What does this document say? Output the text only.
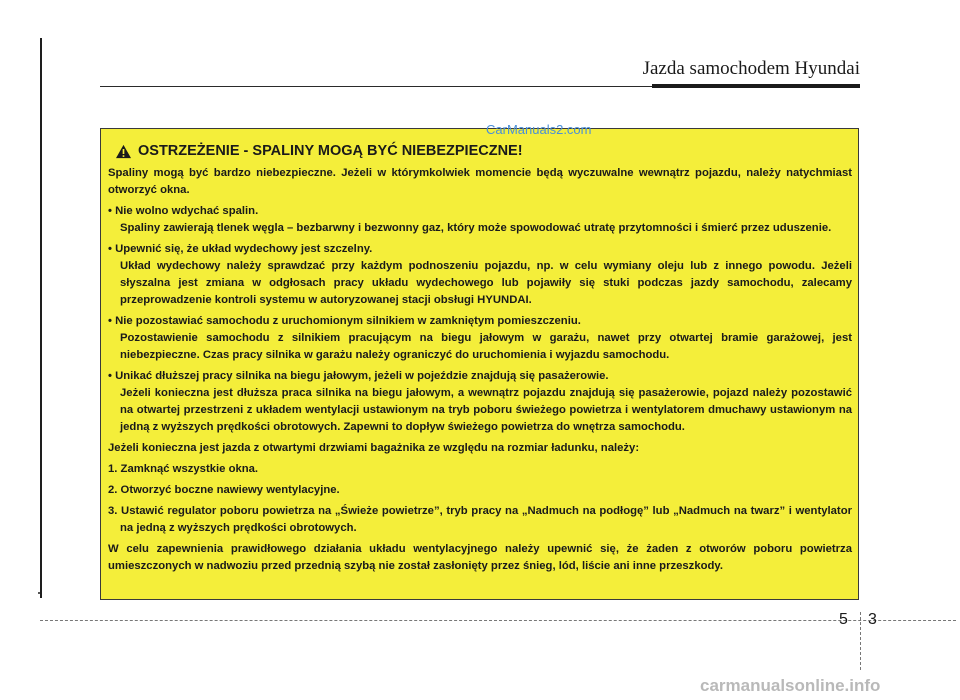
Jazda samochodem Hyundai
OSTRZEŻENIE - SPALINY MOGĄ BYĆ NIEBEZPIECZNE!
Spaliny mogą być bardzo niebezpieczne. Jeżeli w którymkolwiek momencie będą wyczuwalne wewnątrz pojazdu, należy natychmiast otworzyć okna.
• Nie wolno wdychać spalin.
Spaliny zawierają tlenek węgla – bezbarwny i bezwonny gaz, który może spowodować utratę przytomności i śmierć przez uduszenie.
• Upewnić się, że układ wydechowy jest szczelny.
Układ wydechowy należy sprawdzać przy każdym podnoszeniu pojazdu, np. w celu wymiany oleju lub z innego powodu. Jeżeli słyszalna jest zmiana w odgłosach pracy układu wydechowego lub pojawiły się stuki podczas jazdy samochodu, zalecamy przeprowadzenie kontroli systemu w autoryzowanej stacji obsługi HYUNDAI.
• Nie pozostawiać samochodu z uruchomionym silnikiem w zamkniętym pomieszczeniu.
Pozostawienie samochodu z silnikiem pracującym na biegu jałowym w garażu, nawet przy otwartej bramie garażowej, jest niebezpieczne. Czas pracy silnika w garażu należy ograniczyć do uruchomienia i wyjazdu samochodu.
• Unikać dłuższej pracy silnika na biegu jałowym, jeżeli w pojeździe znajdują się pasażerowie.
Jeżeli konieczna jest dłuższa praca silnika na biegu jałowym, a wewnątrz pojazdu znajdują się pasażerowie, pojazd należy pozostawić na otwartej przestrzeni z układem wentylacji ustawionym na tryb poboru świeżego powietrza i wentylatorem dmuchawy ustawionym na jedną z wyższych prędkości obrotowych. Zapewni to dopływ świeżego powietrza do wnętrza samochodu.
Jeżeli konieczna jest jazda z otwartymi drzwiami bagażnika ze względu na rozmiar ładunku, należy:
1. Zamknąć wszystkie okna.
2. Otworzyć boczne nawiewy wentylacyjne.
3. Ustawić regulator poboru powietrza na „Świeże powietrze”, tryb pracy na „Nadmuch na podłogę” lub „Nadmuch na twarz” i wentylator na jedną z wyższych prędkości obrotowych.
W celu zapewnienia prawidłowego działania układu wentylacyjnego należy upewnić się, że żaden z otworów poboru powietrza umieszczonych w nadwoziu przed przednią szybą nie został zasłonięty przez śnieg, lód, liście ani inne przeszkody.
CarManuals2.com
5 3
carmanualsonline.info
